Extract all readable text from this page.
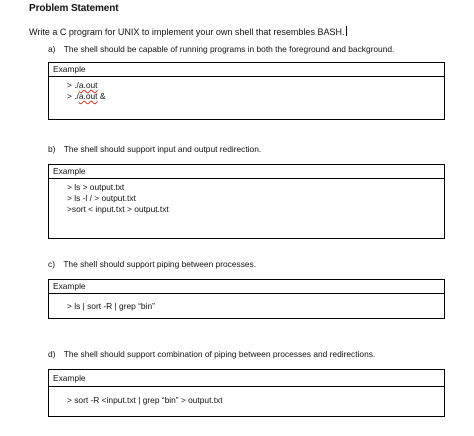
Problem Statement
Write a C program for UNIX to implement your own shell that resembles BASH.
a) The shell should be capable of running programs in both the foreground and background.
Example
> ./a.out
> ./a.out &
b) The shell should support input and output redirection.
Example
> ls > output.txt
> ls -l / > output.txt
>sort < input.txt > output.txt
c) The shell should support piping between processes.
Example
> ls | sort -R | grep “bin”
d) The shell should support combination of piping between processes and redirections.
Example
> sort -R <input.txt | grep “bin” > output.txt
